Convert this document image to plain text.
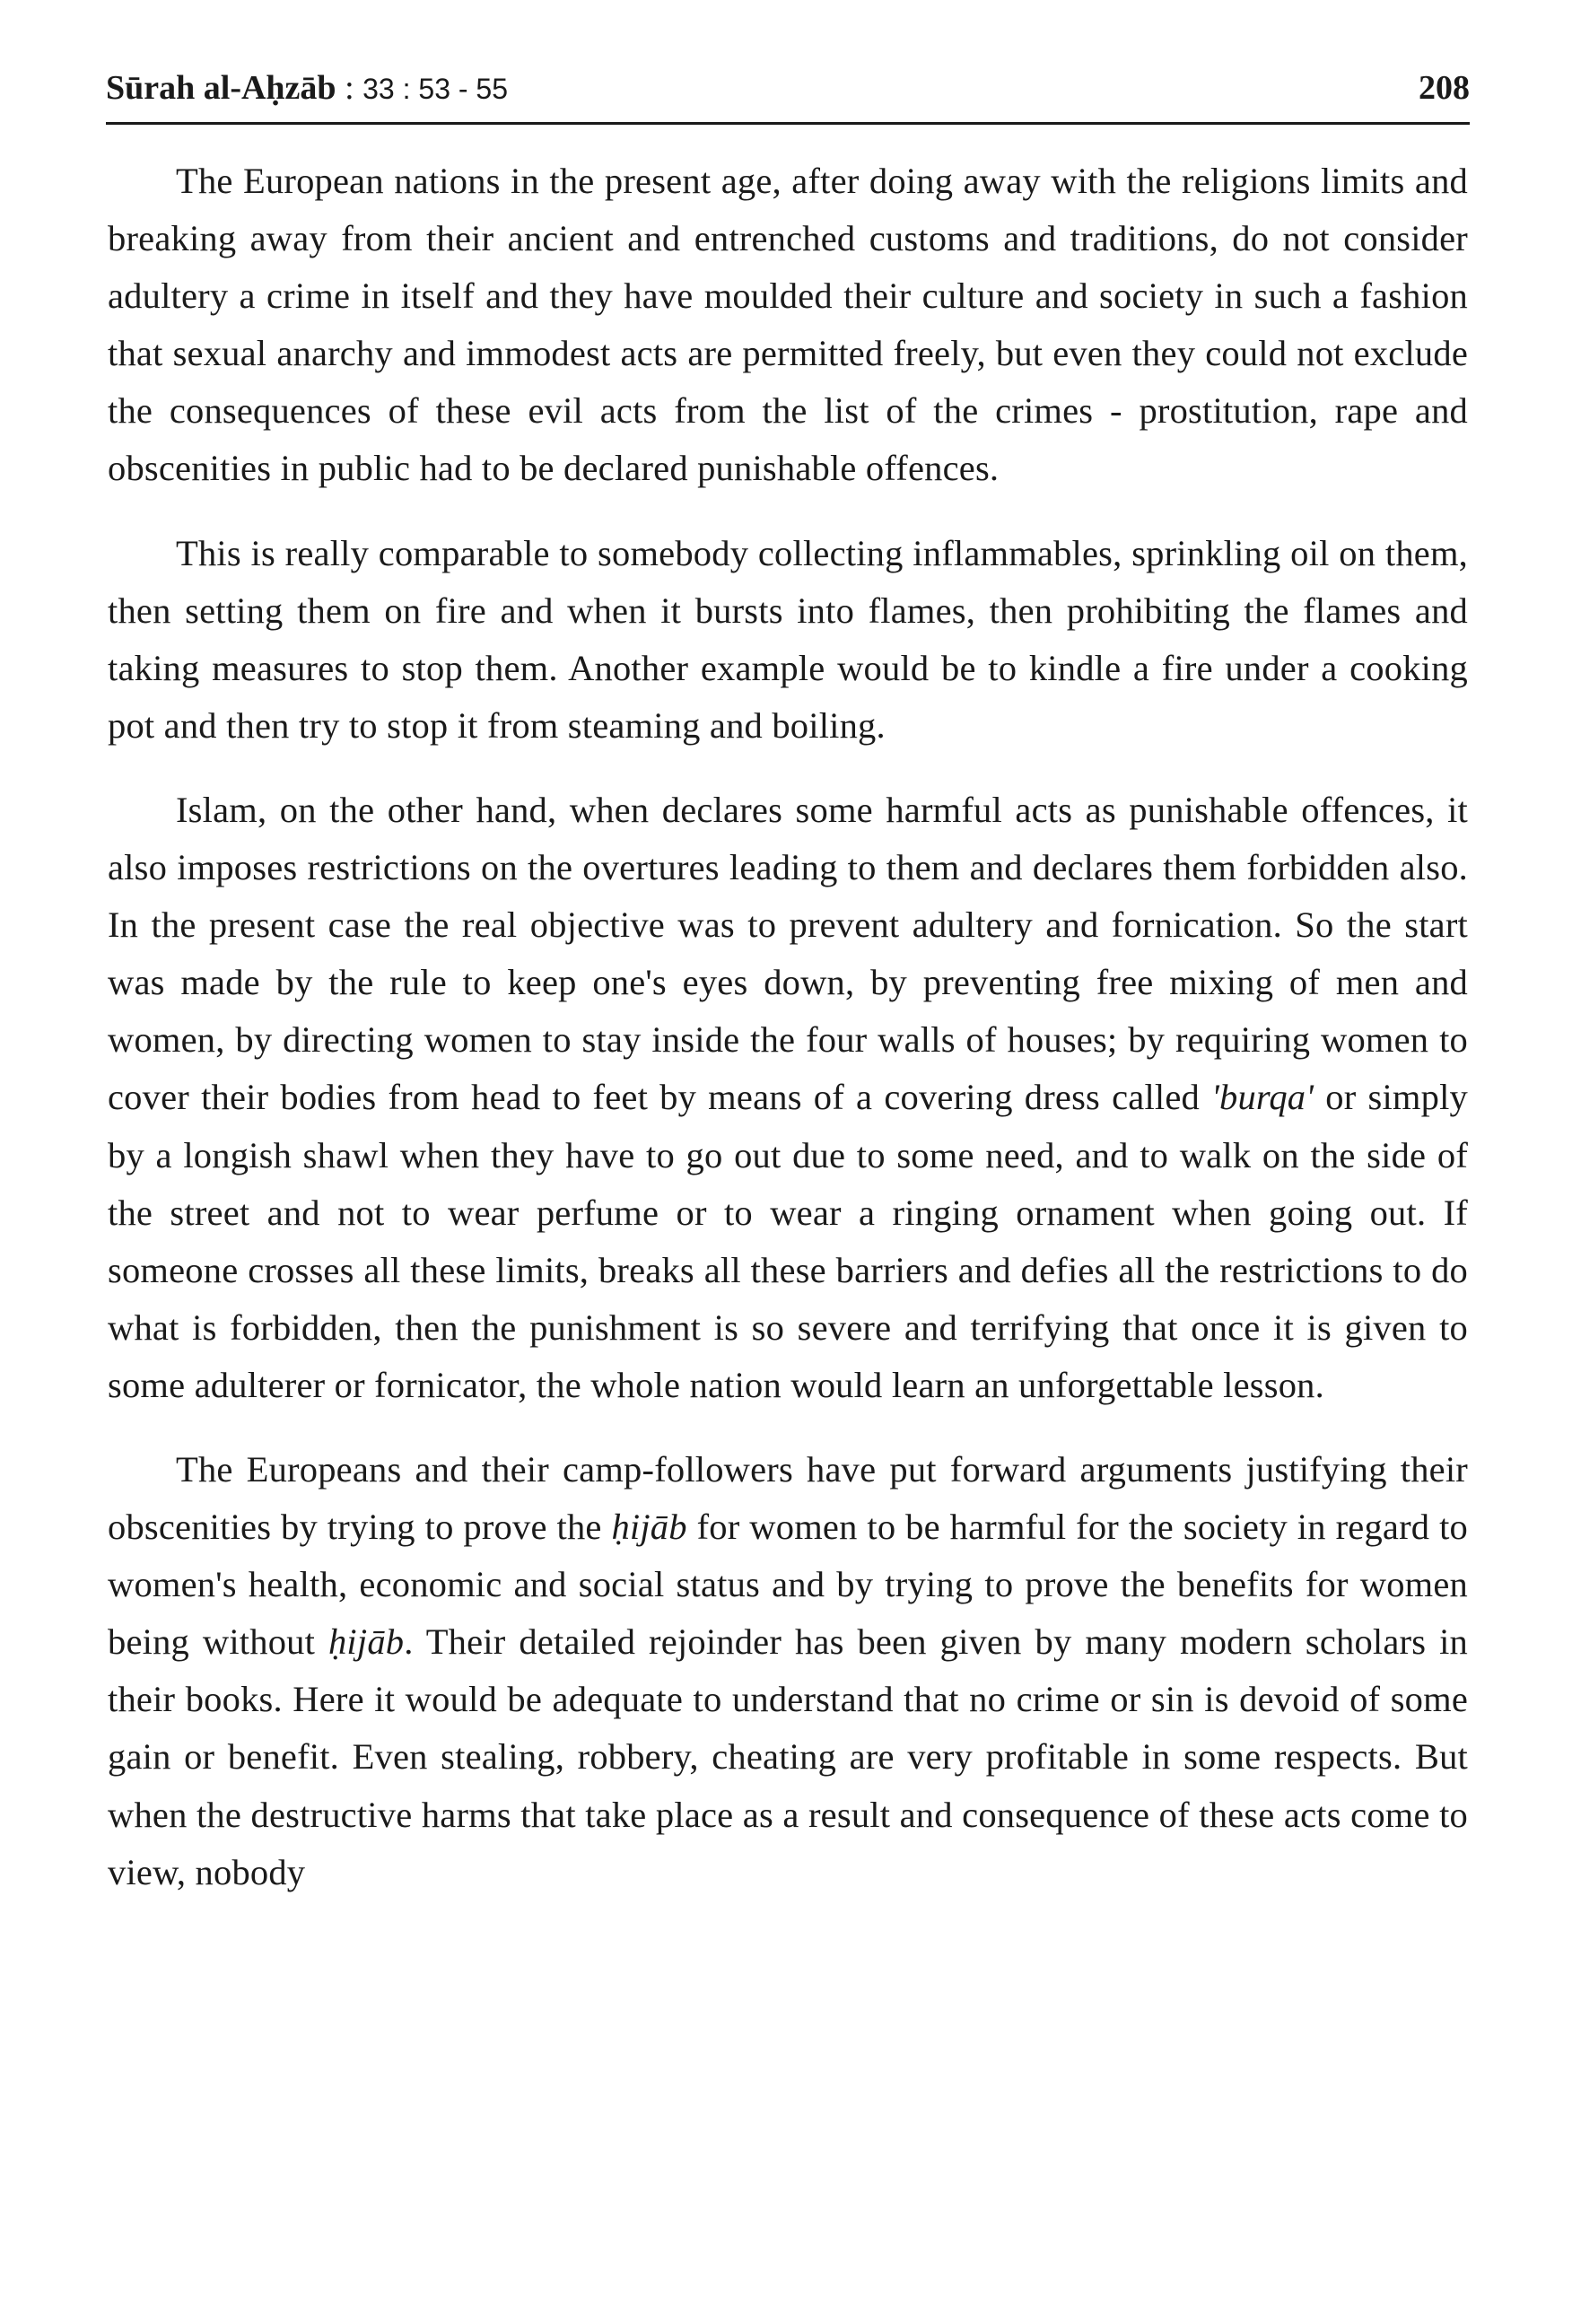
Sūrah al-Aḥzāb : 33 : 53 - 55	208

The European nations in the present age, after doing away with the religions limits and breaking away from their ancient and entrenched customs and traditions, do not consider adultery a crime in itself and they have moulded their culture and society in such a fashion that sexual anarchy and immodest acts are permitted freely, but even they could not exclude the consequences of these evil acts from the list of the crimes - prostitution, rape and obscenities in public had to be declared punishable offences.

This is really comparable to somebody collecting inflammables, sprinkling oil on them, then setting them on fire and when it bursts into flames, then prohibiting the flames and taking measures to stop them. Another example would be to kindle a fire under a cooking pot and then try to stop it from steaming and boiling.

Islam, on the other hand, when declares some harmful acts as punishable offences, it also imposes restrictions on the overtures leading to them and declares them forbidden also. In the present case the real objective was to prevent adultery and fornication. So the start was made by the rule to keep one's eyes down, by preventing free mixing of men and women, by directing women to stay inside the four walls of houses; by requiring women to cover their bodies from head to feet by means of a covering dress called 'burqa' or simply by a longish shawl when they have to go out due to some need, and to walk on the side of the street and not to wear perfume or to wear a ringing ornament when going out. If someone crosses all these limits, breaks all these barriers and defies all the restrictions to do what is forbidden, then the punishment is so severe and terrifying that once it is given to some adulterer or fornicator, the whole nation would learn an unforgettable lesson.

The Europeans and their camp-followers have put forward arguments justifying their obscenities by trying to prove the ḥijāb for women to be harmful for the society in regard to women's health, economic and social status and by trying to prove the benefits for women being without ḥijāb. Their detailed rejoinder has been given by many modern scholars in their books. Here it would be adequate to understand that no crime or sin is devoid of some gain or benefit. Even stealing, robbery, cheating are very profitable in some respects. But when the destructive harms that take place as a result and consequence of these acts come to view, nobody
